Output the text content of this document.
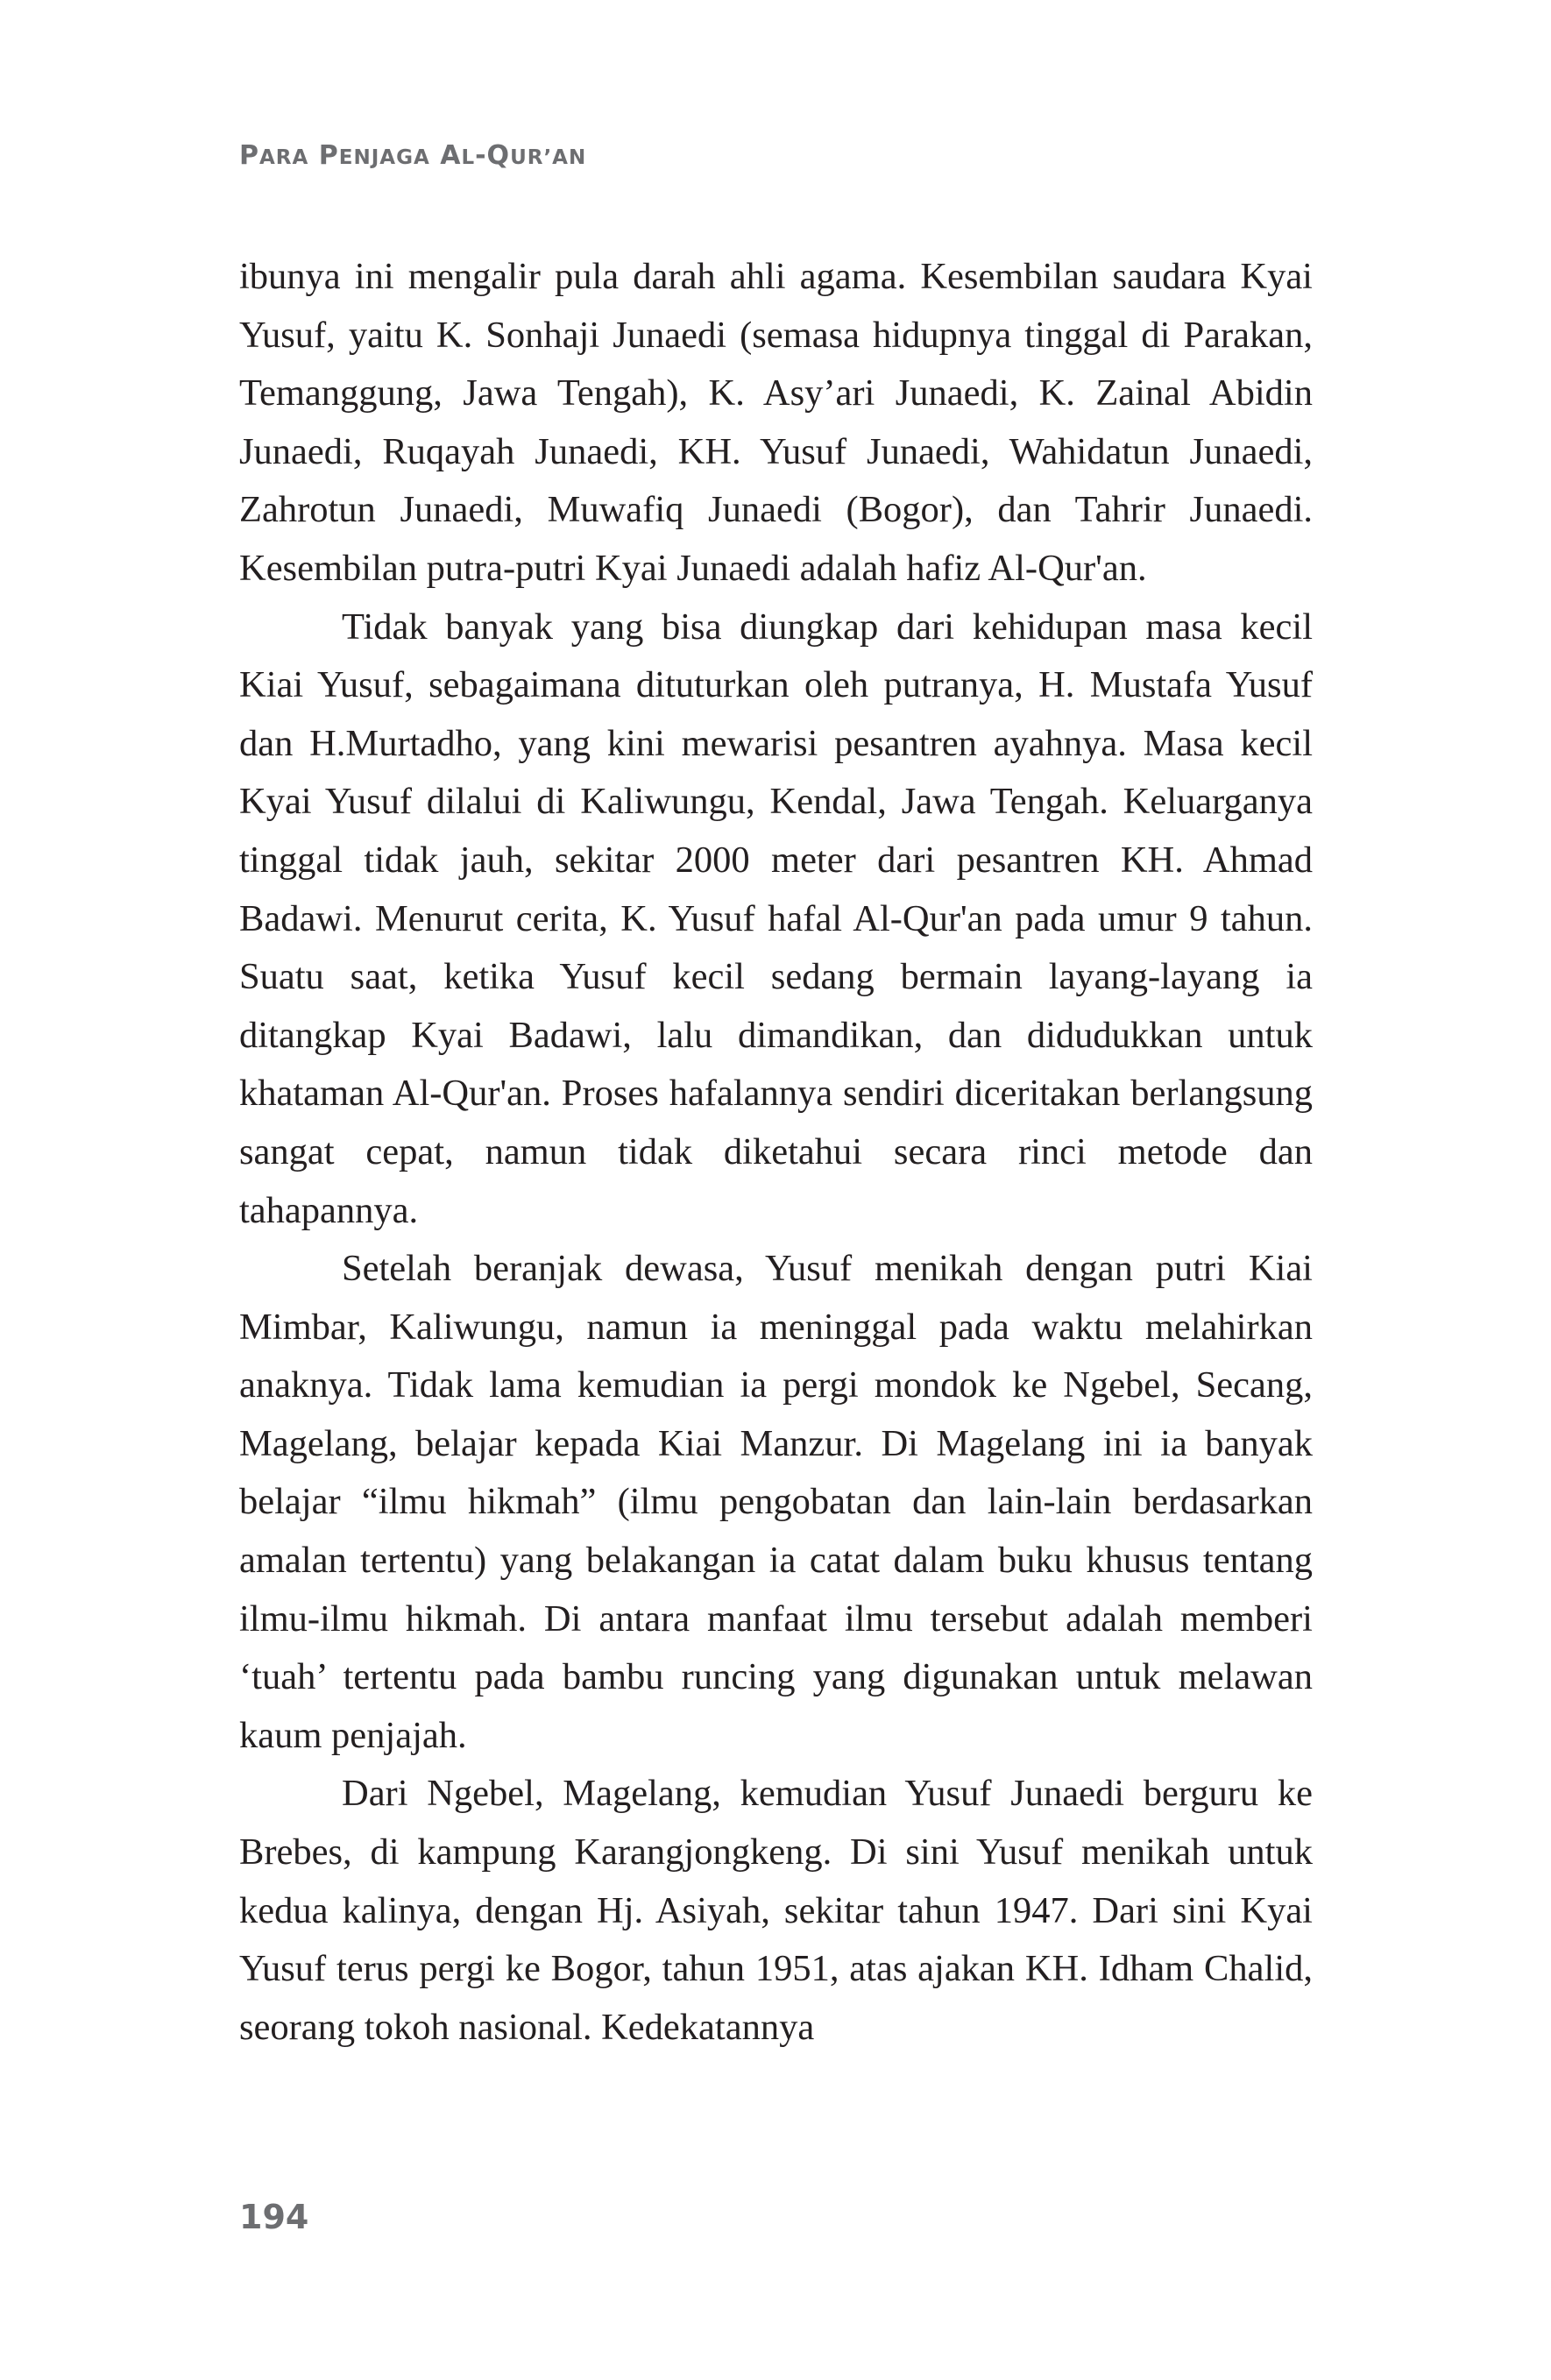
PARA PENJAGA AL-QUR’AN

ibunya ini mengalir pula darah ahli agama. Kesembilan saudara Kyai Yusuf, yaitu K. Sonhaji Junaedi (semasa hidupnya tinggal di Parakan, Temanggung, Jawa Tengah), K. Asy’ari Junaedi, K. Zainal Abidin Junaedi, Ruqayah Junaedi, KH. Yusuf Junaedi, Wahidatun Junaedi, Zahrotun Junaedi, Muwafiq Junaedi (Bogor), dan Tahrir Junaedi. Kesembilan putra-putri Kyai Junaedi adalah hafiz Al-Qur'an.

Tidak banyak yang bisa diungkap dari kehidupan masa kecil Kiai Yusuf, sebagaimana dituturkan oleh putranya, H. Mustafa Yusuf dan H.Murtadho, yang kini mewarisi pesantren ayahnya. Masa kecil Kyai Yusuf dilalui di Kaliwungu, Kendal, Jawa Tengah. Keluarganya tinggal tidak jauh, sekitar 2000 meter dari pesantren KH. Ahmad Badawi. Menurut cerita, K. Yusuf hafal Al-Qur'an pada umur 9 tahun. Suatu saat, ketika Yusuf kecil sedang bermain layang-layang ia ditangkap Kyai Badawi, lalu dimandikan, dan didudukkan untuk khataman Al-Qur'an. Proses hafalannya sendiri diceritakan berlangsung sangat cepat, namun tidak diketahui secara rinci metode dan tahapannya.

Setelah beranjak dewasa, Yusuf menikah dengan putri Kiai Mimbar, Kaliwungu, namun ia meninggal pada waktu melahirkan anaknya. Tidak lama kemudian ia pergi mondok ke Ngebel, Secang, Magelang, belajar kepada Kiai Manzur. Di Magelang ini ia banyak belajar “ilmu hikmah” (ilmu pengobatan dan lain-lain berdasarkan amalan tertentu) yang belakangan ia catat dalam buku khusus tentang ilmu-ilmu hikmah. Di antara manfaat ilmu tersebut adalah memberi ‘tuah’ tertentu pada bambu runcing yang digunakan untuk melawan kaum penjajah.

Dari Ngebel, Magelang, kemudian Yusuf Junaedi berguru ke Brebes, di kampung Karangjongkeng. Di sini Yusuf menikah untuk kedua kalinya, dengan Hj. Asiyah, sekitar tahun 1947. Dari sini Kyai Yusuf terus pergi ke Bogor, tahun 1951, atas ajakan KH. Idham Chalid, seorang tokoh nasional. Kedekatannya

194
